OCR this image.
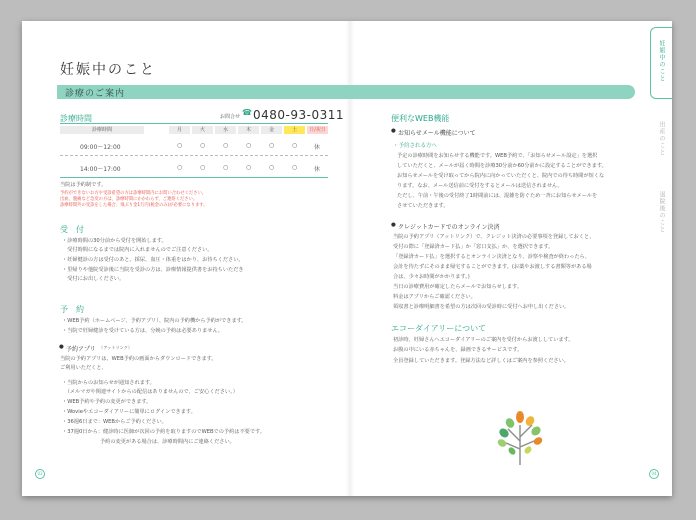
妊娠中のこと
診療のご案内
診療時間	お問合せ ☎ 0480-93-0311
診療時間	月	火	水	木	金	土	日/祝日
09:00～12:00	○	○	○	○	○	○	休
14:00～17:00	○	○	○	○	○	○	休
当院は予約制です。
予約ができないお方や受診希望の方は診療時間内にお問い合わせください。
出血、腹痛など急変の方は、診療時間にかかわらず、ご連絡ください。
診療時間外の受診をした場合、飛ぶり金1万円(税金のみ)が必要になります。
受　付
・診療時間の30分前から受付を開始します。
　受付時間になるまでは院内に入れませんのでご注意ください。
・妊婦健診の方は受付のあと、採尿、血圧・体重をはかり、お待ちください。
・里帰りや他院受診後に当院を受診の方は、診療情報提供書をお持ちいただき
　受付にお出しください。
予　約
・WEB予約（ホームページ、予約アプリ）、院内の予約機から予約ができます。
・当院で妊婦健診を受けている方は、分娩の予約は必要ありません。
● 予約アプリ （アットリンク）
当院の予約アプリは、WEB予約の画面からダウンロードできます。
ご利用いただくと、
・当院からのお知らせが通知されます。
　（メルマガや関連サイトからの配信はありませんので、ご安心ください。）
・WEB予約や予約の変更ができます。
・Wovieやエコーダイアリーに簡単にログインできます。
・36週6日まで：WEBからご予約ください。
・37週0日から：健診時に医師が次回の予約を取りますのでWEBでの予約は不要です。
　　　　　　　 予約の変更がある場合は、診療時間内にご連絡ください。
便利なWEB機能
● お知らせメール機能について
・予約される方へ
予定の診療時間をお知らせする機能です。WEB予約で、「お知らせメール設定」を選択
していただくと、メールが届く時間を診療30分前か60分前かに設定することができます。
お知らせメールを受け取ってから院内に向かっていただくと、院内での待ち時間が短くな
ります。なお、メール送信前に受付をするとメールは送信されません。
ただし、午前・午後の受付終了1時間前には、混雑を防ぐため一斉にお知らせメールを
させていただきます。
● クレジットカードでのオンライン決済
当院の予約アプリ（アットリンク）で、クレジット決済の必要事項を登録しておくと、
受付の際に「登録済カード払」か「窓口支払」か、を選択できます。
「登録済カード払」を選択するとオンライン決済となり、診察や検査が終わったら、
会計を待たずにそのまま帰宅することができます。(お薬やお渡しする書類等がある場
合は、少々お時間がかかります。)
当日の診療費用が確定したらメールでお知らせします。
料金はアプリからご確認ください。
領収書と診療明細書を希望の方は次回の受診時に受付へお申し出ください。
エコーダイアリーについて
初診時、妊婦さんへエコーダイアリーのご案内を受付からお渡ししています。
お腹の中にいる赤ちゃんを、録画できるサービスです。
全員登録していただきます。登録方法など詳しくはご案内を参照ください。
妊娠中のこと
出産のこと
退院後のこと
03	04
